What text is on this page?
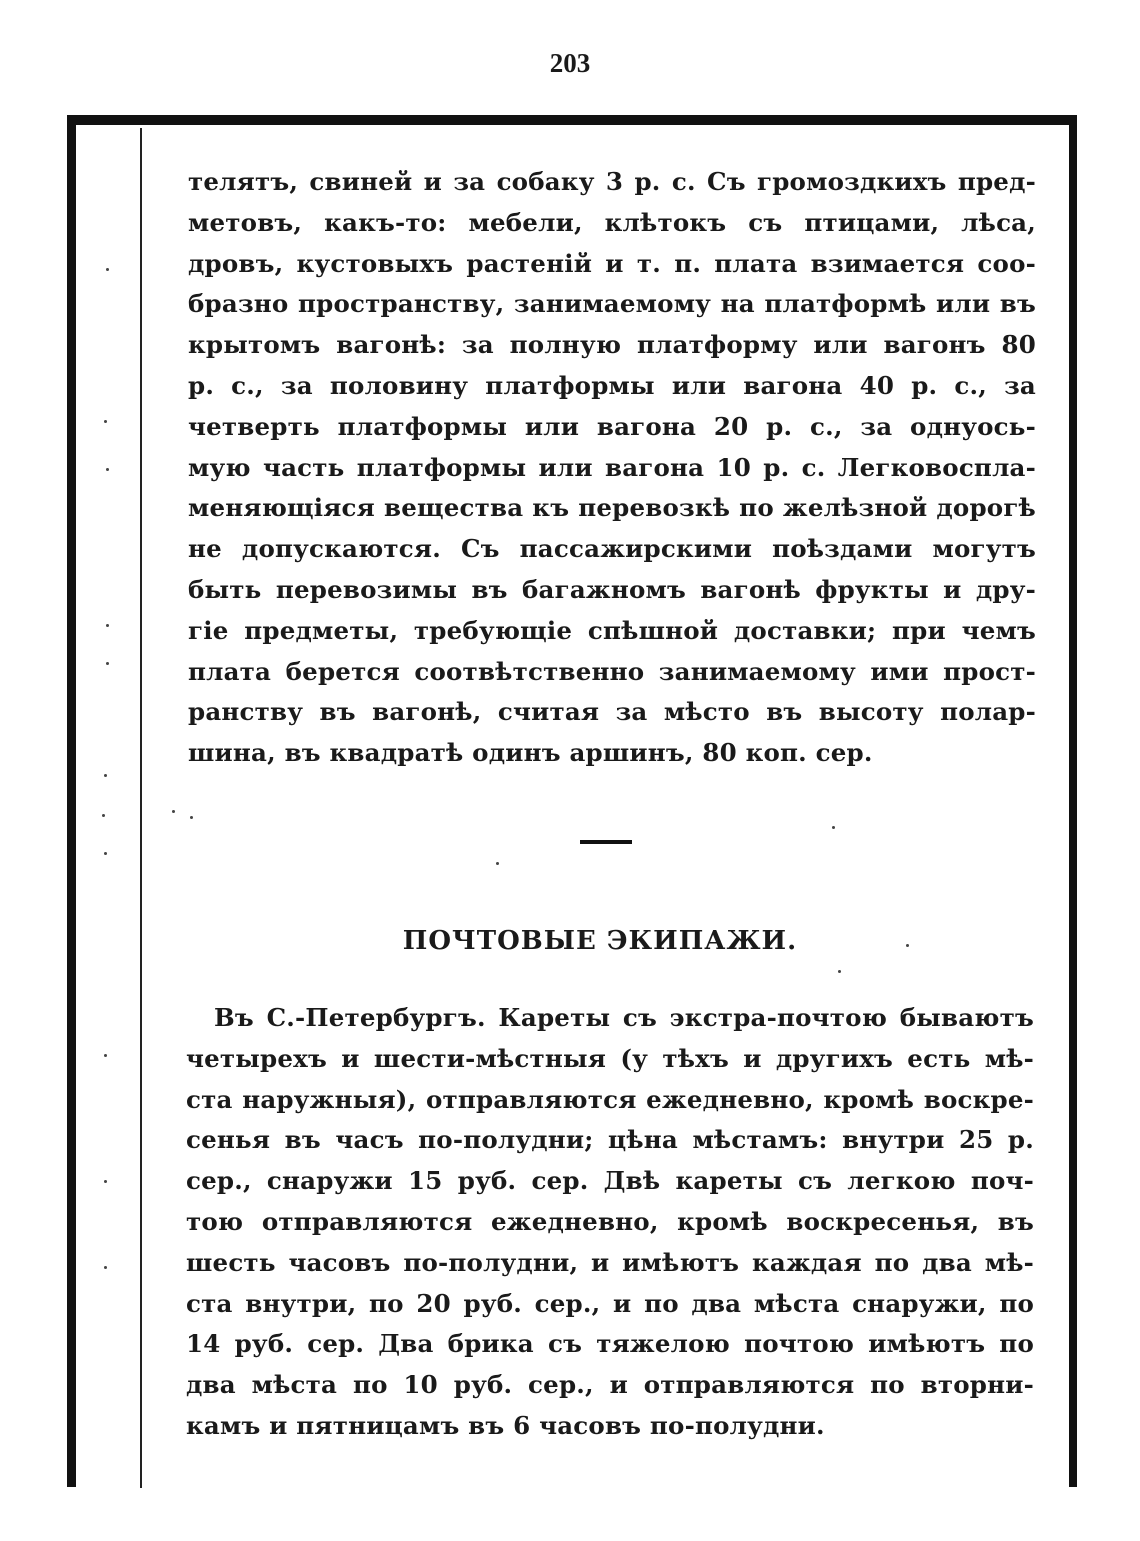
203
телятъ, свиней и за собаку 3 р. с. Съ громоздкихъ пред-
метовъ, какъ-то: мебели, клѣтокъ съ птицами, лѣса,
дровъ, кустовыхъ растеній и т. п. плата взимается соо-
бразно пространству, занимаемому на платформѣ или въ
крытомъ вагонѣ: за полную платформу или вагонъ 80
р. с., за половину платформы или вагона 40 р. с., за
четверть платформы или вагона 20 р. с., за однуось-
мую часть платформы или вагона 10 р. с. Легковоспла-
меняющіяся вещества къ перевозкѣ по желѣзной дорогѣ
не допускаются. Съ пассажирскими поѣздами могутъ
быть перевозимы въ багажномъ вагонѣ фрукты и дру-
гіе предметы, требующіе спѣшной доставки; при чемъ
плата берется соотвѣтственно занимаемому ими прост-
ранству въ вагонѣ, считая за мѣсто въ высоту полар-
шина, въ квадратѣ одинъ аршинъ, 80 коп. сер.
ПОЧТОВЫЕ ЭКИПАЖИ.
Въ С.-Петербургъ. Кареты съ экстра-почтою бываютъ
четырехъ и шести-мѣстныя (у тѣхъ и другихъ есть мѣ-
ста наружныя), отправляются ежедневно, кромѣ воскре-
сенья въ часъ по-полудни; цѣна мѣстамъ: внутри 25 р.
сер., снаружи 15 руб. сер. Двѣ кареты съ легкою поч-
тою отправляются ежедневно, кромѣ воскресенья, въ
шесть часовъ по-полудни, и имѣютъ каждая по два мѣ-
ста внутри, по 20 руб. сер., и по два мѣста снаружи, по
14 руб. сер. Два брика съ тяжелою почтою имѣютъ по
два мѣста по 10 руб. сер., и отправляются по вторни-
камъ и пятницамъ въ 6 часовъ по-полудни.
